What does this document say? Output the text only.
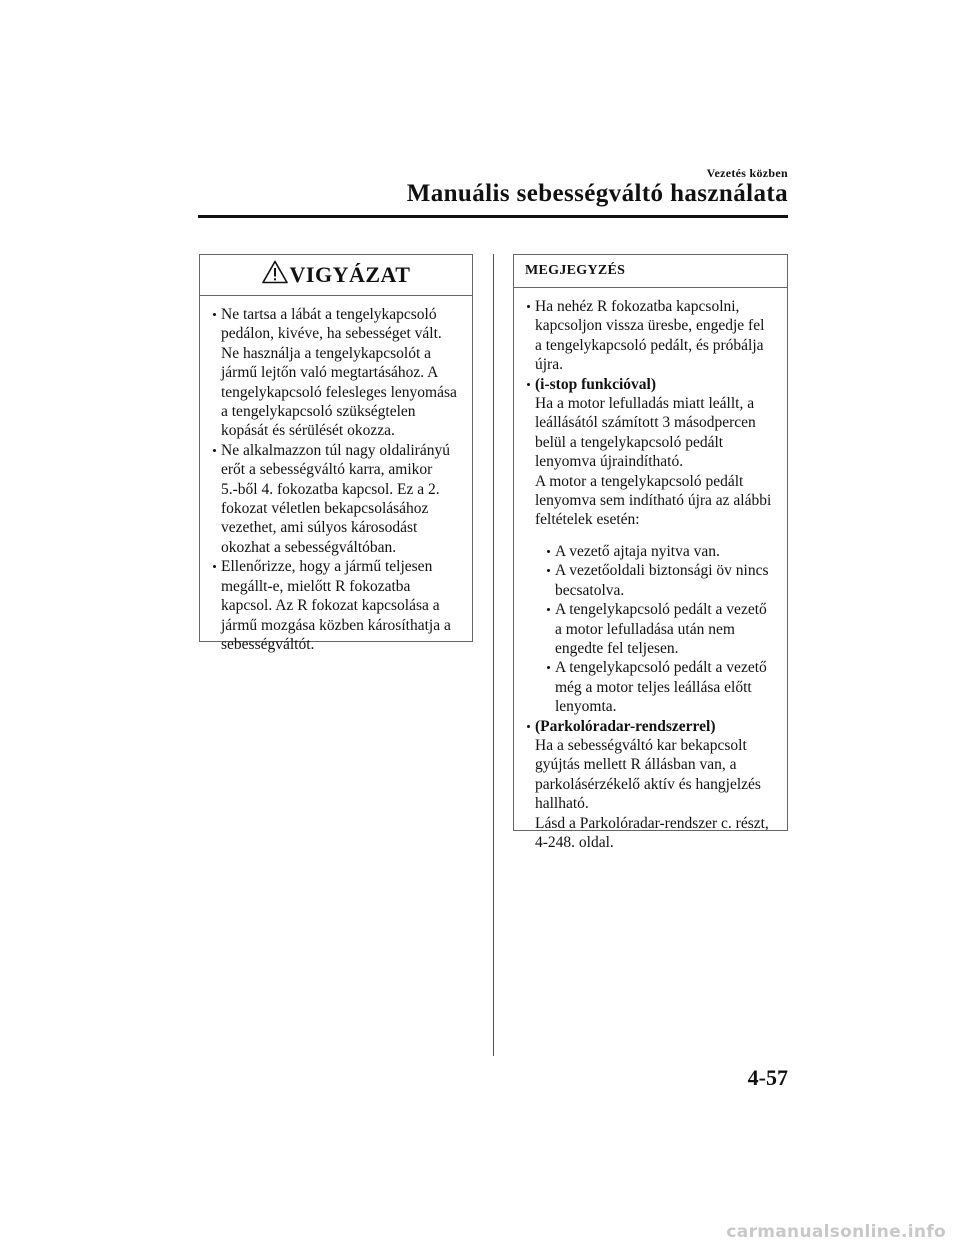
Vezetés közben
Manuális sebességváltó használata
VIGYÁZAT
Ne tartsa a lábát a tengelykapcsoló
pedálon, kivéve, ha sebességet vált.
Ne használja a tengelykapcsolót a
jármű lejtőn való megtartásához. A
tengelykapcsoló felesleges lenyomása
a tengelykapcsoló szükségtelen
kopását és sérülését okozza.
Ne alkalmazzon túl nagy oldalirányú
erőt a sebességváltó karra, amikor
5.-ből 4. fokozatba kapcsol. Ez a 2.
fokozat véletlen bekapcsolásához
vezethet, ami súlyos károsodást
okozhat a sebességváltóban.
Ellenőrizze, hogy a jármű teljesen
megállt-e, mielőtt R fokozatba
kapcsol. Az R fokozat kapcsolása a
jármű mozgása közben károsíthatja a
sebességváltót.
MEGJEGYZÉS
Ha nehéz R fokozatba kapcsolni,
kapcsoljon vissza üresbe, engedje fel
a tengelykapcsoló pedált, és próbálja
újra.
(i-stop funkcióval)
Ha a motor lefulladás miatt leállt, a
leállásától számított 3 másodpercen
belül a tengelykapcsoló pedált
lenyomva újraindítható.
A motor a tengelykapcsoló pedált
lenyomva sem indítható újra az alábbi
feltételek esetén:
A vezető ajtaja nyitva van.
A vezetőoldali biztonsági öv nincs
becsatolva.
A tengelykapcsoló pedált a vezető
a motor lefulladása után nem
engedte fel teljesen.
A tengelykapcsoló pedált a vezető
még a motor teljes leállása előtt
lenyomta.
(Parkolóradar-rendszerrel)
Ha a sebességváltó kar bekapcsolt
gyújtás mellett R állásban van, a
parkolásérzékelő aktív és hangjelzés
hallható.
Lásd a Parkolóradar-rendszer c. részt,
4-248. oldal.
4-57
carmanualsonline.info
